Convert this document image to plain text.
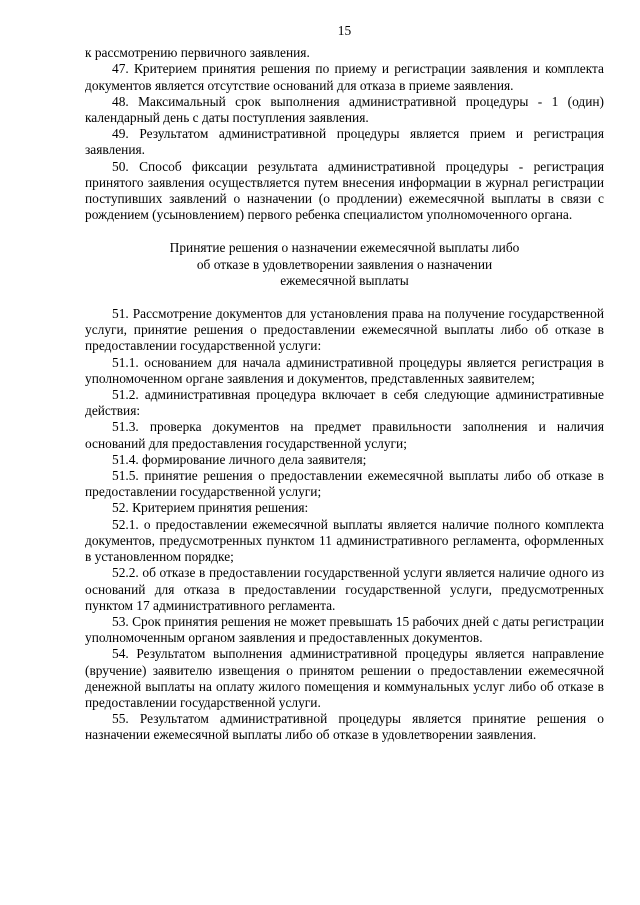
15

к рассмотрению первичного заявления.

47. Критерием принятия решения по приему и регистрации заявления и комплекта документов является отсутствие оснований для отказа в приеме заявления.

48. Максимальный срок выполнения административной процедуры - 1 (один) календарный день с даты поступления заявления.

49. Результатом административной процедуры является прием и регистрация заявления.

50. Способ фиксации результата административной процедуры - регистрация принятого заявления осуществляется путем внесения информации в журнал регистрации поступивших заявлений о назначении (о продлении) ежемесячной выплаты в связи с рождением (усыновлением) первого ребенка специалистом уполномоченного органа.

Принятие решения о назначении ежемесячной выплаты либо
об отказе в удовлетворении заявления о назначении
ежемесячной выплаты

51. Рассмотрение документов для установления права на получение государственной услуги, принятие решения о предоставлении ежемесячной выплаты либо об отказе в предоставлении государственной услуги:

51.1. основанием для начала административной процедуры является регистрация в уполномоченном органе заявления и документов, представленных заявителем;

51.2. административная процедура включает в себя следующие административные действия:

51.3. проверка документов на предмет правильности заполнения и наличия оснований для предоставления государственной услуги;

51.4. формирование личного дела заявителя;

51.5. принятие решения о предоставлении ежемесячной выплаты либо об отказе в предоставлении государственной услуги;

52. Критерием принятия решения:

52.1. о предоставлении ежемесячной выплаты является наличие полного комплекта документов, предусмотренных пунктом 11 административного регламента, оформленных в установленном порядке;

52.2. об отказе в предоставлении государственной услуги является наличие одного из оснований для отказа в предоставлении государственной услуги, предусмотренных пунктом 17 административного регламента.

53. Срок принятия решения не может превышать 15 рабочих дней с даты регистрации уполномоченным органом заявления и предоставленных документов.

54. Результатом выполнения административной процедуры является направление (вручение) заявителю извещения о принятом решении о предоставлении ежемесячной денежной выплаты на оплату жилого помещения и коммунальных услуг либо об отказе в предоставлении государственной услуги.

55. Результатом административной процедуры является принятие решения о назначении ежемесячной выплаты либо об отказе в удовлетворении заявления.
